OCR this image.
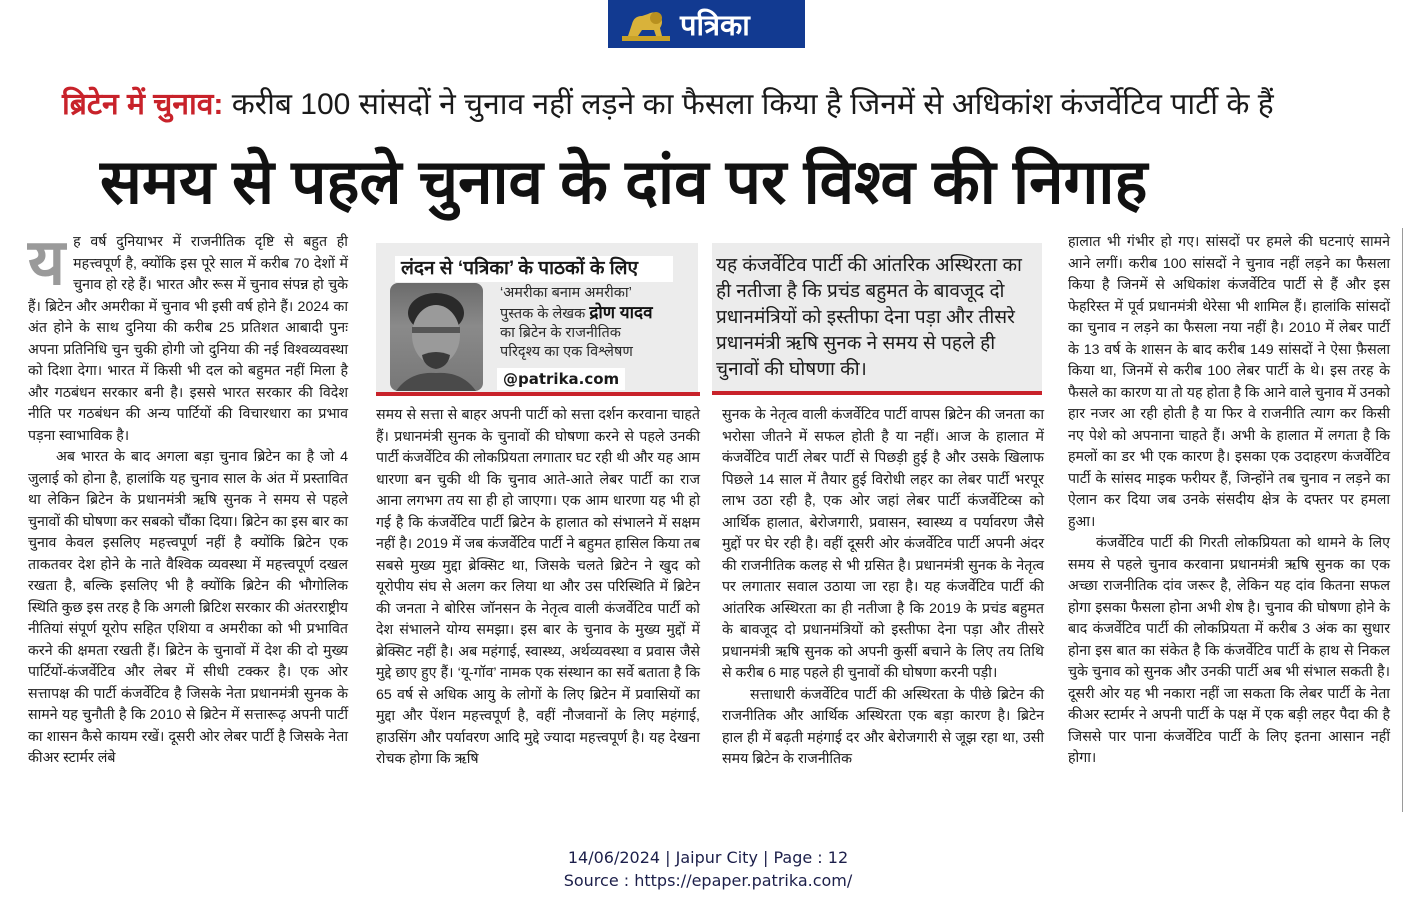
पत्रिका
ब्रिटेन में चुनाव: करीब 100 सांसदों ने चुनाव नहीं लड़ने का फैसला किया है जिनमें से अधिकांश कंजर्वेटिव पार्टी के हैं
समय से पहले चुनाव के दांव पर विश्व की निगाह
य ह वर्ष दुनियाभर में राजनीतिक दृष्टि से बहुत ही महत्त्वपूर्ण है, क्योंकि इस पूरे साल में करीब 70 देशों में चुनाव हो रहे हैं। भारत और रूस में चुनाव संपन्न हो चुके हैं। ब्रिटेन और अमरीका में चुनाव भी इसी वर्ष होने हैं। 2024 का अंत होने के साथ दुनिया की करीब 25 प्रतिशत आबादी पुनः अपना प्रतिनिधि चुन चुकी होगी जो दुनिया की नई विश्वव्यवस्था को दिशा देगा। भारत में किसी भी दल को बहुमत नहीं मिला है और गठबंधन सरकार बनी है। इससे भारत सरकार की विदेश नीति पर गठबंधन की अन्य पार्टियों की विचारधारा का प्रभाव पड़ना स्वाभाविक है।

अब भारत के बाद अगला बड़ा चुनाव ब्रिटेन का है जो 4 जुलाई को होना है, हालांकि यह चुनाव साल के अंत में प्रस्तावित था लेकिन ब्रिटेन के प्रधानमंत्री ऋषि सुनक ने समय से पहले चुनावों की घोषणा कर सबको चौंका दिया। ब्रिटेन का इस बार का चुनाव केवल इसलिए महत्त्वपूर्ण नहीं है क्योंकि ब्रिटेन एक ताकतवर देश होने के नाते वैश्विक व्यवस्था में महत्त्वपूर्ण दखल रखता है, बल्कि इसलिए भी है क्योंकि ब्रिटेन की भौगोलिक स्थिति कुछ इस तरह है कि अगली ब्रिटिश सरकार की अंतरराष्ट्रीय नीतियां संपूर्ण यूरोप सहित एशिया व अमरीका को भी प्रभावित करने की क्षमता रखती हैं। ब्रिटेन के चुनावों में देश की दो मुख्य पार्टियों-कंजर्वेटिव और लेबर में सीधी टक्कर है। एक ओर सत्तापक्ष की पार्टी कंजर्वेटिव है जिसके नेता प्रधानमंत्री सुनक के सामने यह चुनौती है कि 2010 से ब्रिटेन में सत्तारूढ़ अपनी पार्टी का शासन कैसे कायम रखें। दूसरी ओर लेबर पार्टी है जिसके नेता कीअर स्टार्मर लंबे

लंदन से ‘पत्रिका’ के पाठकों के लिए
‘अमरीका बनाम अमरीका’
पुस्तक के लेखक द्रोण यादव
का ब्रिटेन के राजनीतिक
परिदृश्य का एक विश्लेषण
@patrika.com
यह कंजर्वेटिव पार्टी की आंतरिक अस्थिरता का ही नतीजा है कि प्रचंड बहुमत के बावजूद दो प्रधानमंत्रियों को इस्तीफा देना पड़ा और तीसरे प्रधानमंत्री ऋषि सुनक ने समय से पहले ही चुनावों की घोषणा की।

समय से सत्ता से बाहर अपनी पार्टी को सत्ता दर्शन करवाना चाहते हैं। प्रधानमंत्री सुनक के चुनावों की घोषणा करने से पहले उनकी पार्टी कंजर्वेटिव की लोकप्रियता लगातार घट रही थी और यह आम धारणा बन चुकी थी कि चुनाव आते-आते लेबर पार्टी का राज आना लगभग तय सा ही हो जाएगा। एक आम धारणा यह भी हो गई है कि कंजर्वेटिव पार्टी ब्रिटेन के हालात को संभालने में सक्षम नहीं है। 2019 में जब कंजर्वेटिव पार्टी ने बहुमत हासिल किया तब सबसे मुख्य मुद्दा ब्रेक्सिट था, जिसके चलते ब्रिटेन ने खुद को यूरोपीय संघ से अलग कर लिया था और उस परिस्थिति में ब्रिटेन की जनता ने बोरिस जॉनसन के नेतृत्व वाली कंजर्वेटिव पार्टी को देश संभालने योग्य समझा। इस बार के चुनाव के मुख्य मुद्दों में ब्रेक्सिट नहीं है। अब महंगाई, स्वास्थ्य, अर्थव्यवस्था व प्रवास जैसे मुद्दे छाए हुए हैं। ‘यू-गॉव’ नामक एक संस्थान का सर्वे बताता है कि 65 वर्ष से अधिक आयु के लोगों के लिए ब्रिटेन में प्रवासियों का मुद्दा और पेंशन महत्त्वपूर्ण है, वहीं नौजवानों के लिए महंगाई, हाउसिंग और पर्यावरण आदि मुद्दे ज्यादा महत्त्वपूर्ण है। यह देखना रोचक होगा कि ऋषि

सुनक के नेतृत्व वाली कंजर्वेटिव पार्टी वापस ब्रिटेन की जनता का भरोसा जीतने में सफल होती है या नहीं। आज के हालात में कंजर्वेटिव पार्टी लेबर पार्टी से पिछड़ी हुई है और उसके खिलाफ पिछले 14 साल में तैयार हुई विरोधी लहर का लेबर पार्टी भरपूर लाभ उठा रही है, एक ओर जहां लेबर पार्टी कंजर्वेटिव्स को आर्थिक हालात, बेरोजगारी, प्रवासन, स्वास्थ्य व पर्यावरण जैसे मुद्दों पर घेर रही है। वहीं दूसरी ओर कंजर्वेटिव पार्टी अपनी अंदर की राजनीतिक कलह से भी ग्रसित है। प्रधानमंत्री सुनक के नेतृत्व पर लगातार सवाल उठाया जा रहा है। यह कंजर्वेटिव पार्टी की आंतरिक अस्थिरता का ही नतीजा है कि 2019 के प्रचंड बहुमत के बावजूद दो प्रधानमंत्रियों को इस्तीफा देना पड़ा और तीसरे प्रधानमंत्री ऋषि सुनक को अपनी कुर्सी बचाने के लिए तय तिथि से करीब 6 माह पहले ही चुनावों की घोषणा करनी पड़ी।

सत्ताधारी कंजर्वेटिव पार्टी की अस्थिरता के पीछे ब्रिटेन की राजनीतिक और आर्थिक अस्थिरता एक बड़ा कारण है। ब्रिटेन हाल ही में बढ़ती महंगाई दर और बेरोजगारी से जूझ रहा था, उसी समय ब्रिटेन के राजनीतिक

हालात भी गंभीर हो गए। सांसदों पर हमले की घटनाएं सामने आने लगीं। करीब 100 सांसदों ने चुनाव नहीं लड़ने का फैसला किया है जिनमें से अधिकांश कंजर्वेटिव पार्टी से हैं और इस फेहरिस्त में पूर्व प्रधानमंत्री थेरेसा भी शामिल हैं। हालांकि सांसदों का चुनाव न लड़ने का फैसला नया नहीं है। 2010 में लेबर पार्टी के 13 वर्ष के शासन के बाद करीब 149 सांसदों ने ऐसा फ़ैसला किया था, जिनमें से करीब 100 लेबर पार्टी के थे। इस तरह के फैसले का कारण या तो यह होता है कि आने वाले चुनाव में उनको हार नजर आ रही होती है या फिर वे राजनीति त्याग कर किसी नए पेशे को अपनाना चाहते हैं। अभी के हालात में लगता है कि हमलों का डर भी एक कारण है। इसका एक उदाहरण कंजर्वेटिव पार्टी के सांसद माइक फरीयर हैं, जिन्होंने तब चुनाव न लड़ने का ऐलान कर दिया जब उनके संसदीय क्षेत्र के दफ्तर पर हमला हुआ।

कंजर्वेटिव पार्टी की गिरती लोकप्रियता को थामने के लिए समय से पहले चुनाव करवाना प्रधानमंत्री ऋषि सुनक का एक अच्छा राजनीतिक दांव जरूर है, लेकिन यह दांव कितना सफल होगा इसका फैसला होना अभी शेष है। चुनाव की घोषणा होने के बाद कंजर्वेटिव पार्टी की लोकप्रियता में करीब 3 अंक का सुधार होना इस बात का संकेत है कि कंजर्वेटिव पार्टी के हाथ से निकल चुके चुनाव को सुनक और उनकी पार्टी अब भी संभाल सकती है। दूसरी ओर यह भी नकारा नहीं जा सकता कि लेबर पार्टी के नेता कीअर स्टार्मर ने अपनी पार्टी के पक्ष में एक बड़ी लहर पैदा की है जिससे पार पाना कंजर्वेटिव पार्टी के लिए इतना आसान नहीं होगा।

14/06/2024 | Jaipur City | Page : 12
Source : https://epaper.patrika.com/
